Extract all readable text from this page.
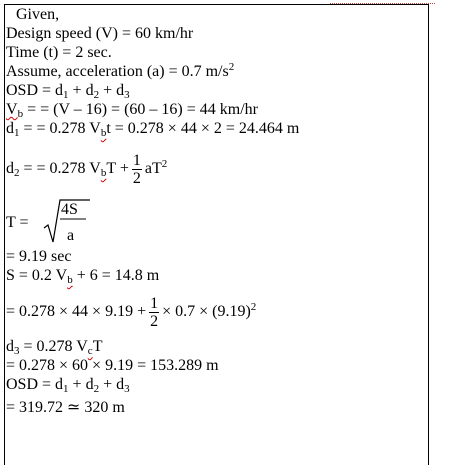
Given,
Design speed (V) = 60 km/hr
Time (t) = 2 sec.
Assume, acceleration (a) = 0.7 $m/s^2$
OSD = $d_1 + d_2 + d_3$
$V_b$ = = (V – 16) = (60 – 16) = 44 km/hr
$d_1$ = = 0.278 $V_bt = 0.278 \times 44 \times 2 = 24.464$ m
$d_2$ = = 0.278 $V_bT + \frac{1}{2} aT^2$
T =
4S
a
= 9.19 sec
S = 0.2 $V_b + 6 = 14.8$ m
= $0.278 \times 44 \times 9.19 + \frac{1}{2} \times 0.7 \times (9.19)^2$
$d_3 = 0.278$ $V_cT$
= 0.278 × 60 × 9.19 = 153.289 m
OSD = $d_1 + d_2 + d_3$
= 319.72 ≃ 320 m
